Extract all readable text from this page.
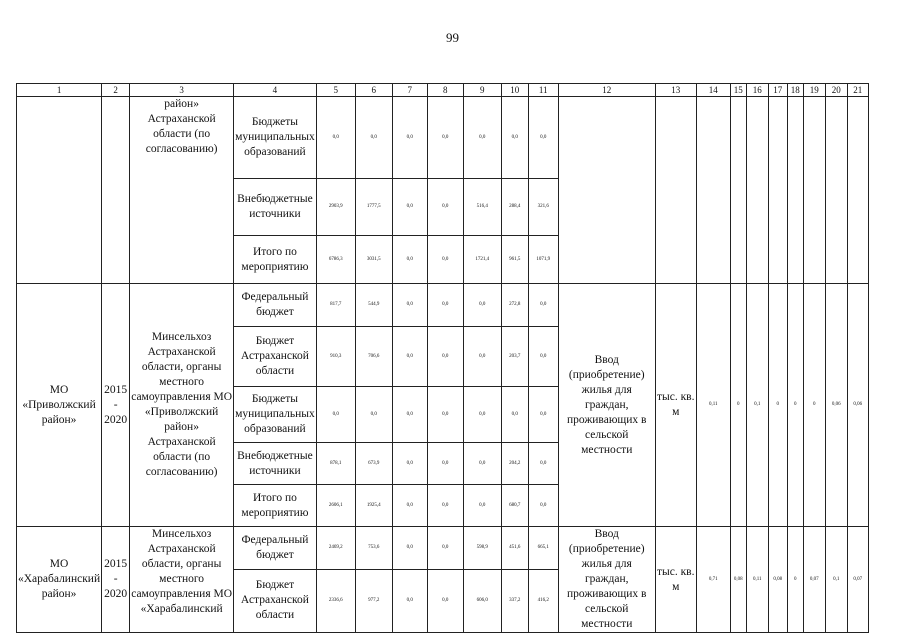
99
1	2	3	4	5	6	7	8	9	10	11	12	13	14	15	16	17	18	19	20	21
		район» Астраханской области (по согласованию)	Бюджеты муниципальных образований	0,0	0,0	0,0	0,0	0,0	0,0	0,0										
			Внебюджетные источники	2903,9	1777,5	0,0	0,0	516,4	288,4	321,6										
			Итого по мероприятию	6786,3	3031,5	0,0	0,0	1721,4	961,5	1071,9										
МО «Приволжский район»	2015 - 2020	Минсельхоз Астраханской области, органы местного самоуправления МО «Приволжский район» Астраханской области (по согласованию)	Федеральный бюджет	817,7	544,9	0,0	0,0	0,0	272,8	0,0	Ввод (приобретение) жилья для граждан, проживающих в сельской местности	тыс. кв. м	0,11	0	0,1	0	0	0	0,06	0,06
			Бюджет Астраханской области	910,3	706,6	0,0	0,0	0,0	203,7	0,0										
			Бюджеты муниципальных образований	0,0	0,0	0,0	0,0	0,0	0,0	0,0										
			Внебюджетные источники	878,1	673,9	0,0	0,0	0,0	204,2	0,0										
			Итого по мероприятию	2606,1	1925,4	0,0	0,0	0,0	680,7	0,0										
МО «Харабалинский район»	2015 - 2020	Минсельхоз Астраханской области, органы местного самоуправления МО «Харабалинский	Федеральный бюджет	2469,2	753,6	0,0	0,0	598,9	451,6	665,1	Ввод (приобретение) жилья для граждан, проживающих в сельской местности	тыс. кв. м	0,71	0,08	0,11	0,08	0	0,07	0,1	0,07
			Бюджет Астраханской области	2336,6	977,2	0,0	0,0	606,0	337,2	416,2										
